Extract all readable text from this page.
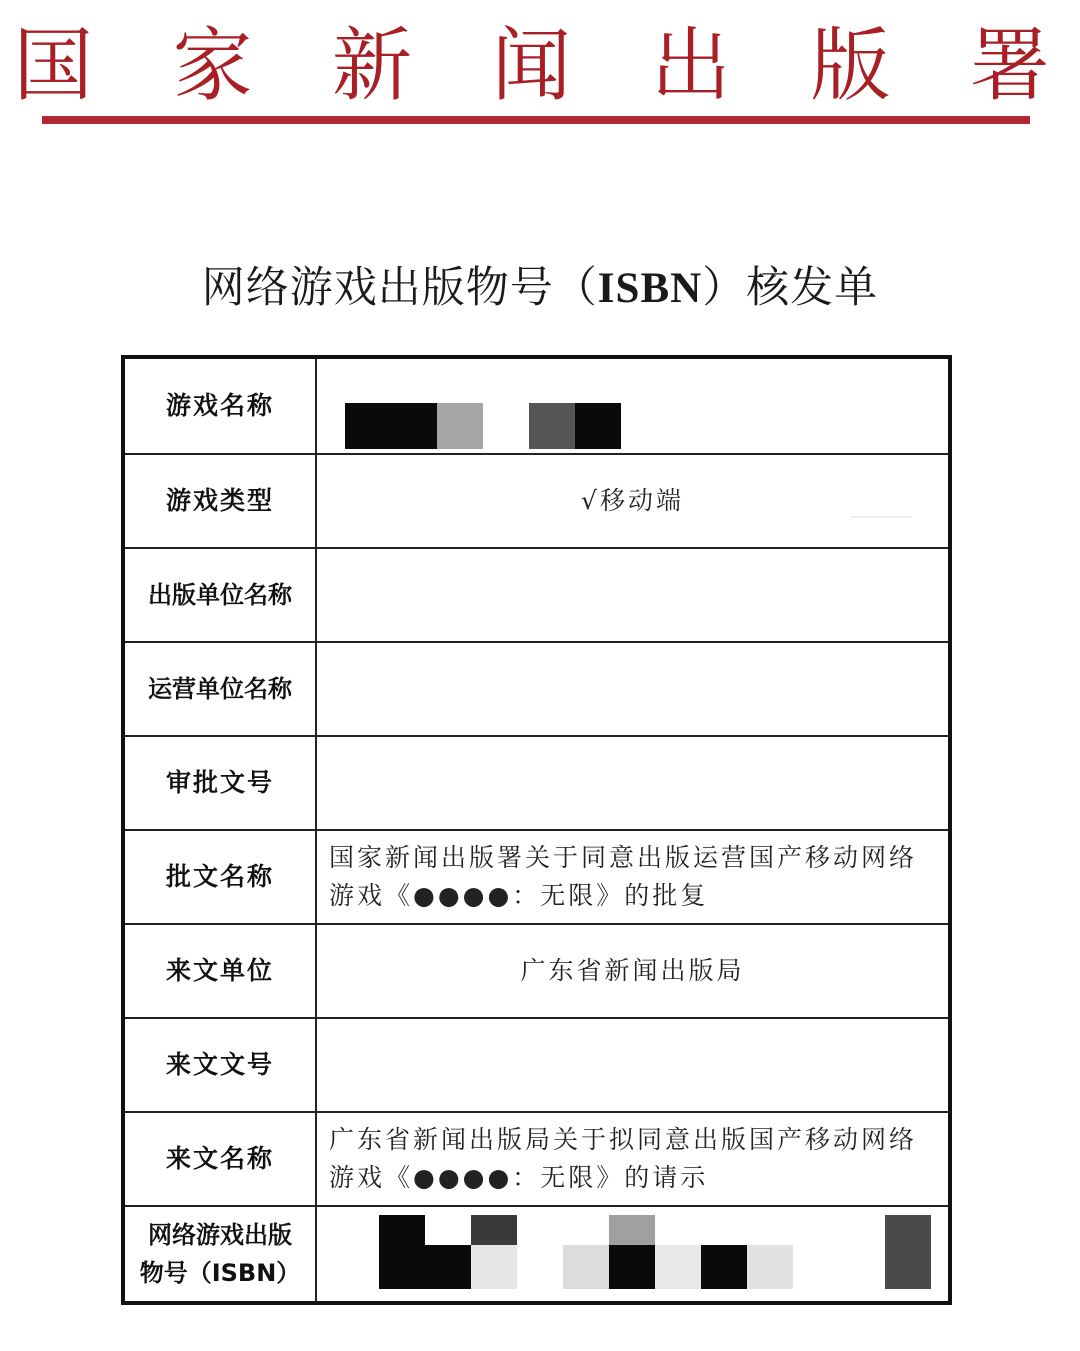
国 家 新 闻 出 版 署
网络游戏出版物号（ISBN）核发单
游戏名称	

游戏类型	√移动端
出版单位名称	
运营单位名称	
审批文号	
批文名称	国家新闻出版署关于同意出版运营国产移动网络游戏《●●●●：无限》的批复
来文单位	广东省新闻出版局
来文文号	
来文名称	广东省新闻出版局关于拟同意出版国产移动网络游戏《●●●●：无限》的请示

网络游戏出版
物号（ISBN）	
